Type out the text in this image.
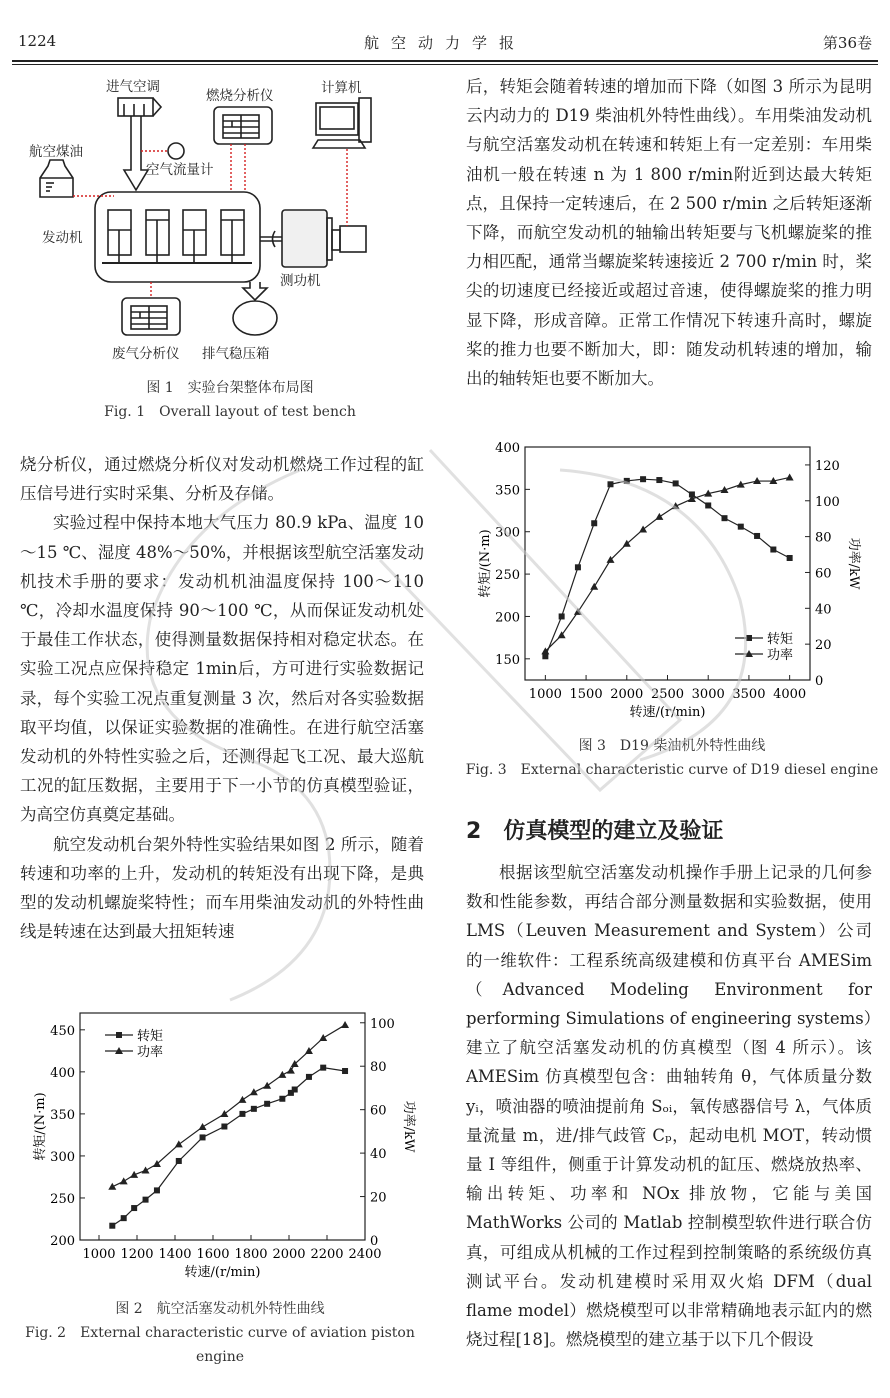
1224	航空动力学报	第36卷
进气空调
燃烧分析仪	计算机
航空煤油
空气流量计
发动机
测功机
废气分析仪 排气稳压箱
图 1　实验台架整体布局图
Fig. 1　Overall layout of test bench

烧分析仪，通过燃烧分析仪对发动机燃烧工作过程的缸压信号进行实时采集、分析及存储。

实验过程中保持本地大气压力 80.9 kPa、温度 10～15 ℃、湿度 48%～50%，并根据该型航空活塞发动机技术手册的要求：发动机机油温度保持 100～110 ℃，冷却水温度保持 90～100 ℃，从而保证发动机处于最佳工作状态，使得测量数据保持相对稳定状态。在实验工况点应保持稳定 1min后，方可进行实验数据记录，每个实验工况点重复测量 3 次，然后对各实验数据取平均值，以保证实验数据的准确性。在进行航空活塞发动机的外特性实验之后，还测得起飞工况、最大巡航工况的缸压数据，主要用于下一小节的仿真模型验证，为高空仿真奠定基础。

航空发动机台架外特性实验结果如图 2 所示，随着转速和功率的上升，发动机的转矩没有出现下降，是典型的发动机螺旋桨特性；而车用柴油发动机的外特性曲线是转速在达到最大扭矩转速

1000 1200 1400 1600 1800 2000 2200 2400
200
250
300
350
400
450
0
20
40
60
80
100
转速/(r/min)
转矩/(N·m)	功率/kW
转矩
功率
图 2　航空活塞发动机外特性曲线
Fig. 2　External characteristic curve of aviation piston engine

后，转矩会随着转速的增加而下降（如图 3 所示为昆明云内动力的 D19 柴油机外特性曲线）。车用柴油发动机与航空活塞发动机在转速和转矩上有一定差别：车用柴油机一般在转速 n 为 1 800 r/min附近到达最大转矩点，且保持一定转速后，在 2 500 r/min 之后转矩逐渐下降，而航空发动机的轴输出转矩要与飞机螺旋桨的推力相匹配，通常当螺旋桨转速接近 2 700 r/min 时，桨尖的切速度已经接近或超过音速，使得螺旋桨的推力明显下降，形成音障。正常工作情况下转速升高时，螺旋桨的推力也要不断加大，即：随发动机转速的增加，输出的轴转矩也要不断加大。

1000 1500 2000 2500 3000 3500 4000
150
200
250
300
350
400
0
20
40
60
80
100
120
转速/(r/min)
转矩/(N·m)	功率/kW
转矩
功率
图 3　D19 柴油机外特性曲线
Fig. 3　External characteristic curve of D19 diesel engine
2 仿真模型的建立及验证

根据该型航空活塞发动机操作手册上记录的几何参数和性能参数，再结合部分测量数据和实验数据，使用 LMS（Leuven Measurement and System）公司的一维软件：工程系统高级建模和仿真平台 AMESim（Advanced Modeling Environment for performing Simulations of engineering systems）建立了航空活塞发动机的仿真模型（图 4 所示）。该 AMESim 仿真模型包含：曲轴转角 θ，气体质量分数 yᵢ，喷油器的喷油提前角 Sₒᵢ，氧传感器信号 λ，气体质量流量 m，进/排气歧管 Cₚ，起动电机 MOT，转动惯量 I 等组件，侧重于计算发动机的缸压、燃烧放热率、输出转矩、功率和 NOx 排放物，它能与美国 MathWorks 公司的 Matlab 控制模型软件进行联合仿真，可组成从机械的工作过程到控制策略的系统级仿真测试平台。发动机建模时采用双火焰 DFM（dual flame model）燃烧模型可以非常精确地表示缸内的燃烧过程[18]。燃烧模型的建立基于以下几个假设
